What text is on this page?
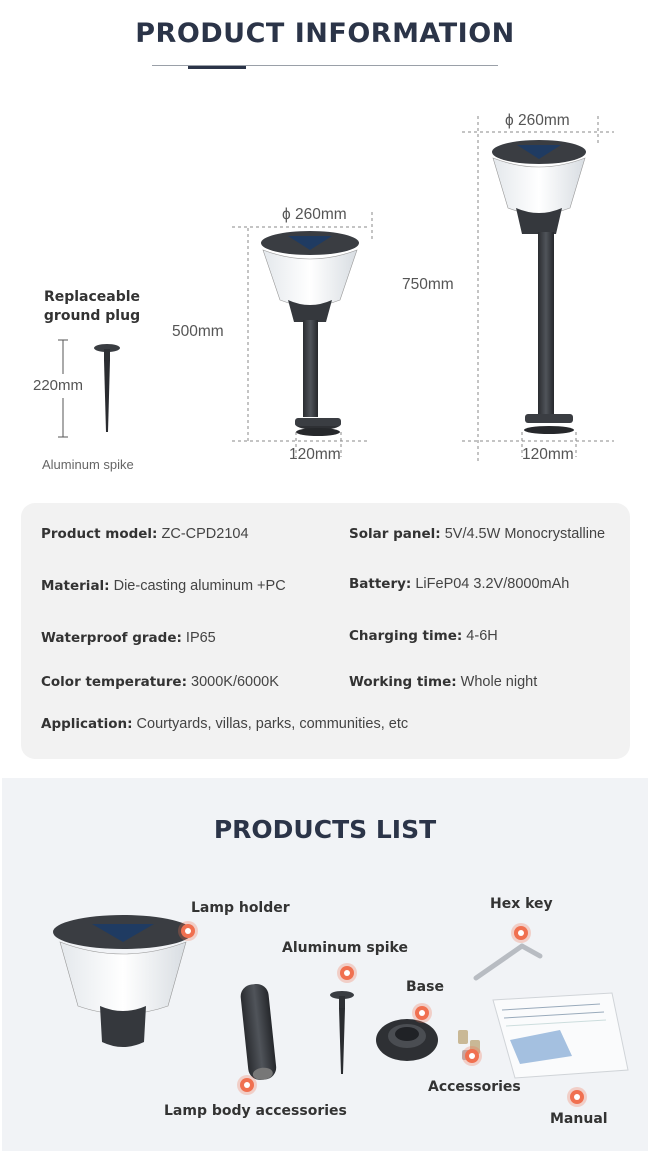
PRODUCT INFORMATION
ϕ 260mm
500mm
120mm
ϕ 260mm
750mm
120mm
Replaceable ground plug
220mm
Aluminum spike
Product model: ZC-CPD2104	Solar panel: 5V/4.5W Monocrystalline
Material: Die-casting aluminum +PC	Battery: LiFeP04 3.2V/8000mAh
Waterproof grade: IP65	Charging time: 4-6H
Color temperature: 3000K/6000K	Working time: Whole night
Application: Courtyards, villas, parks, communities, etc
PRODUCTS LIST
Lamp holder	Hex key
Aluminum spike
Base
Accessories
Lamp body accessories	Manual
